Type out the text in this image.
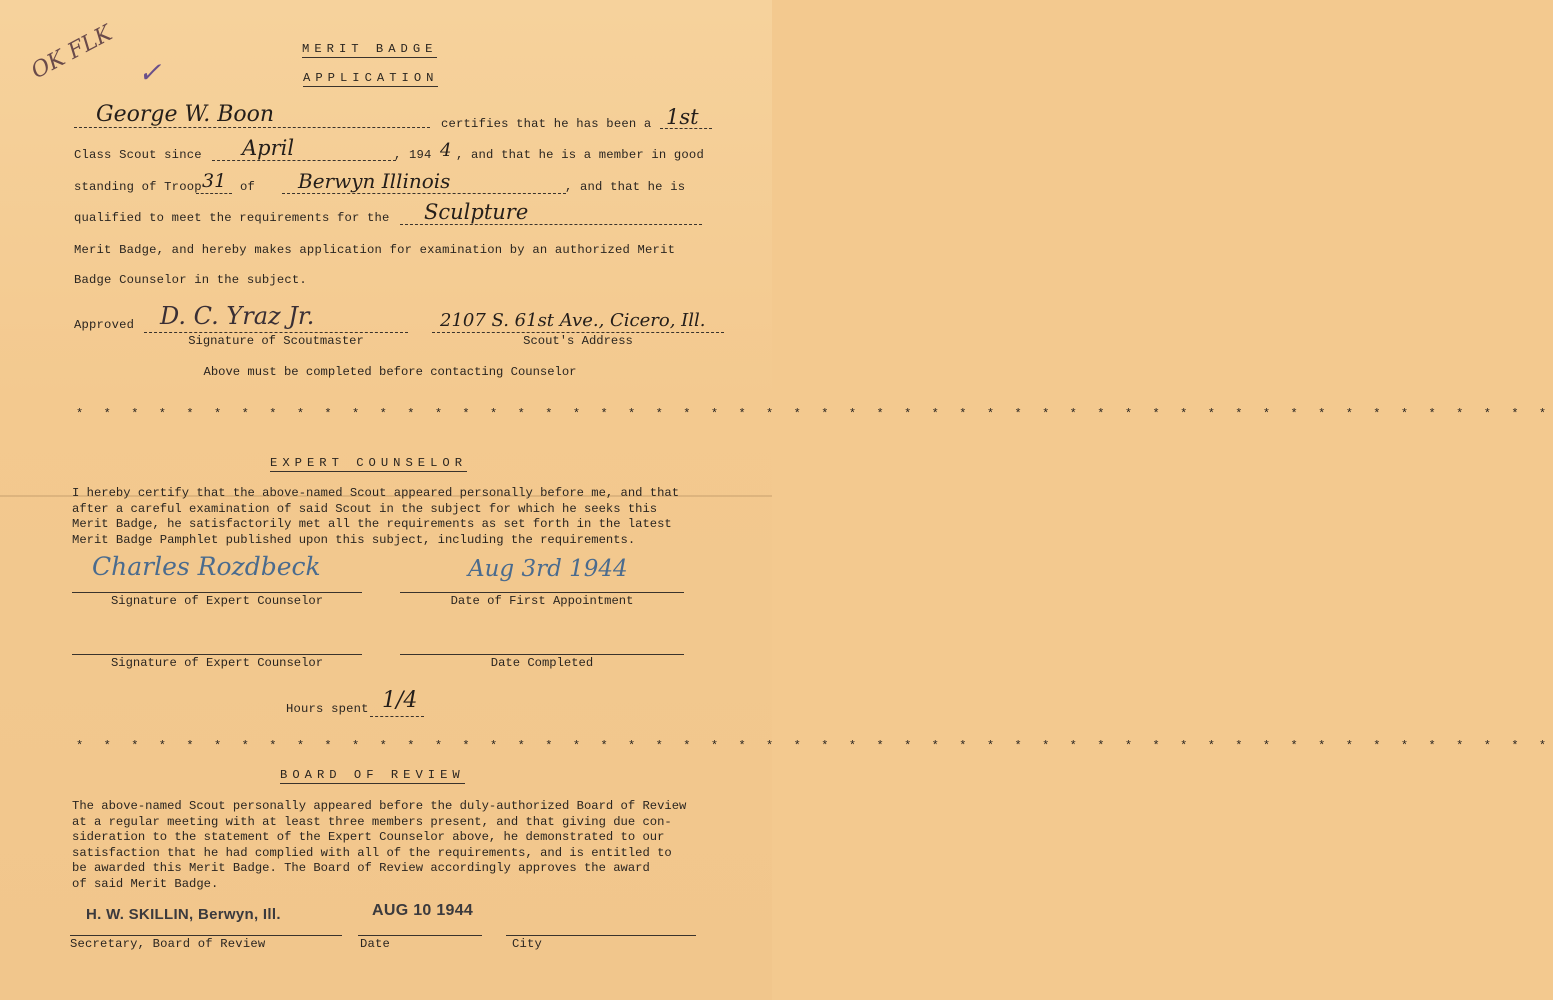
OK FLK ✓
MERIT BADGE
APPLICATION
George W. Boon	certifies that he has been a 1st
Class Scout since April	, 194 4 , and that he is a member in good
standing of Troop 31 of Berwyn Illinois	, and that he is
qualified to meet the requirements for the Sculpture
Merit Badge, and hereby makes application for examination by an authorized Merit
Badge Counselor in the subject.
Approved D. C. Yraz Jr.
Signature of Scoutmaster
2107 S. 61st Ave., Cicero, Ill.
Scout's Address
Above must be completed before contacting Counselor
* * * * * * * * * * * * * * * * * * * * * * * * * * * * * * * * * * * * * * * * * * * * * * * * * * * * * *
EXPERT COUNSELOR
I hereby certify that the above-named Scout appeared personally before me, and that
after a careful examination of said Scout in the subject for which he seeks this
Merit Badge, he satisfactorily met all the requirements as set forth in the latest
Merit Badge Pamphlet published upon this subject, including the requirements.
Charles Rozdbeck
Signature of Expert Counselor
Aug 3rd 1944
Date of First Appointment
Signature of Expert Counselor	Date Completed
Hours spent 1/4
* * * * * * * * * * * * * * * * * * * * * * * * * * * * * * * * * * * * * * * * * * * * * * * * * * * * * *
BOARD OF REVIEW
The above-named Scout personally appeared before the duly-authorized Board of Review
at a regular meeting with at least three members present, and that giving due con-
sideration to the statement of the Expert Counselor above, he demonstrated to our
satisfaction that he had complied with all of the requirements, and is entitled to
be awarded this Merit Badge. The Board of Review accordingly approves the award
of said Merit Badge.
H. W. SKILLIN, Berwyn, Ill.	AUG 10 1944
Secretary, Board of Review	Date	City
